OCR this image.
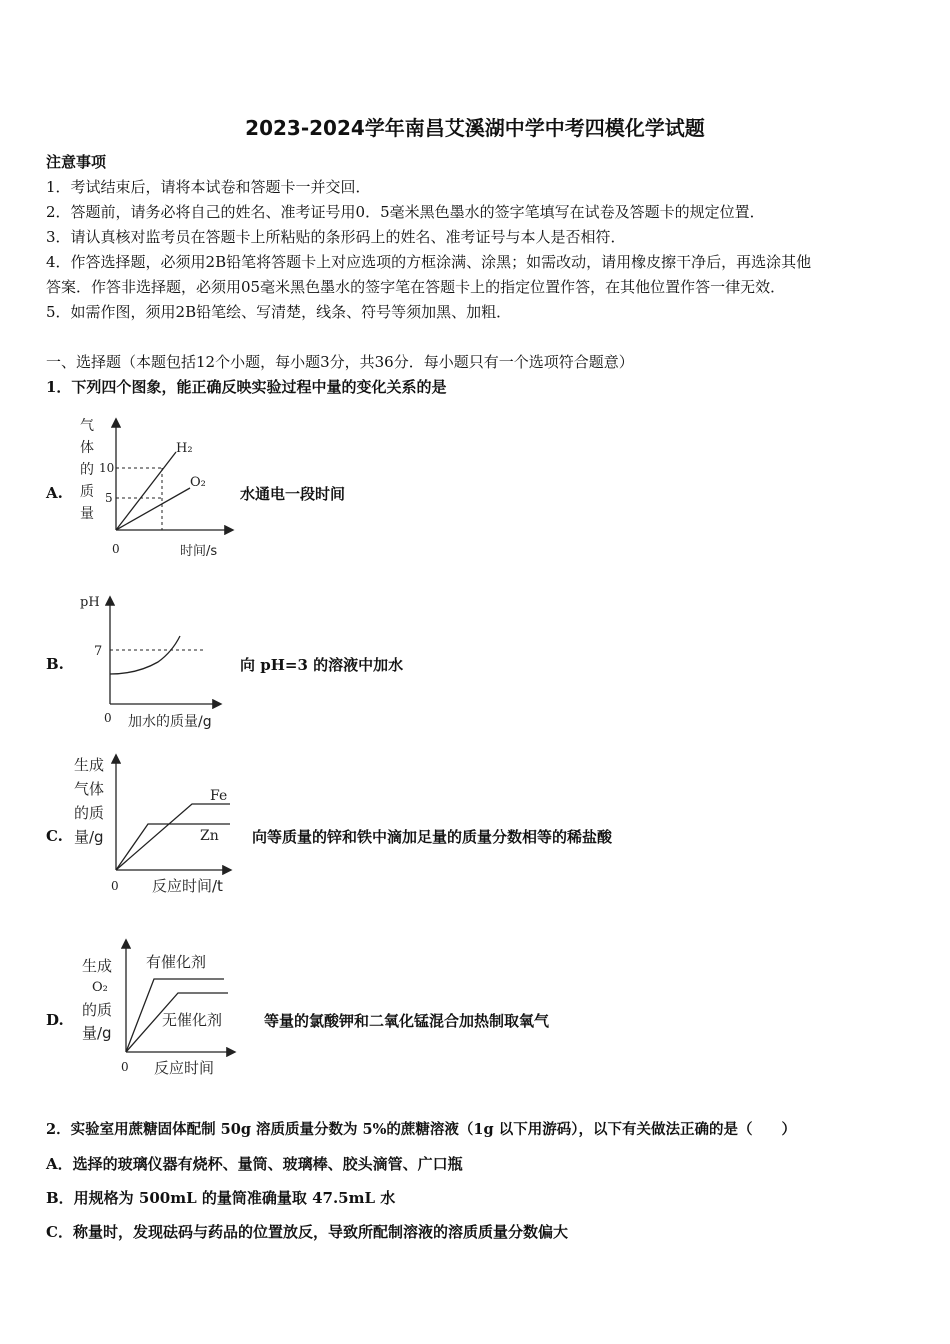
2023-2024学年南昌艾溪湖中学中考四模化学试题
注意事项
1．考试结束后，请将本试卷和答题卡一并交回．
2．答题前，请务必将自己的姓名、准考证号用0．5毫米黑色墨水的签字笔填写在试卷及答题卡的规定位置．
3．请认真核对监考员在答题卡上所粘贴的条形码上的姓名、准考证号与本人是否相符．
4．作答选择题，必须用2B铅笔将答题卡上对应选项的方框涂满、涂黑；如需改动，请用橡皮擦干净后，再选涂其他
答案．作答非选择题，必须用05毫米黑色墨水的签字笔在答题卡上的指定位置作答，在其他位置作答一律无效．
5．如需作图，须用2B铅笔绘、写清楚，线条、符号等须加黑、加粗．
一、选择题（本题包括12个小题，每小题3分，共36分．每小题只有一个选项符合题意）
1．下列四个图象，能正确反映实验过程中量的变化关系的是
A.
气
体
的
质
量
10
5
H₂
O₂
0	时间/s
水通电一段时间
B.
pH
7
0 加水的质量/g
向 pH=3 的溶液中加水
C.
生成
气体
的质
量/g
Fe
Zn
0 反应时间/t
向等质量的锌和铁中滴加足量的质量分数相等的稀盐酸
D.
生成
O₂
的质
量/g
有催化剂
无催化剂
0 反应时间
等量的氯酸钾和二氧化锰混合加热制取氧气
2．实验室用蔗糖固体配制 50g 溶质质量分数为 5%的蔗糖溶液（1g 以下用游码），以下有关做法正确的是（　　）
A．选择的玻璃仪器有烧杯、量筒、玻璃棒、胶头滴管、广口瓶
B．用规格为 500mL 的量筒准确量取 47.5mL 水
C．称量时，发现砝码与药品的位置放反，导致所配制溶液的溶质质量分数偏大
